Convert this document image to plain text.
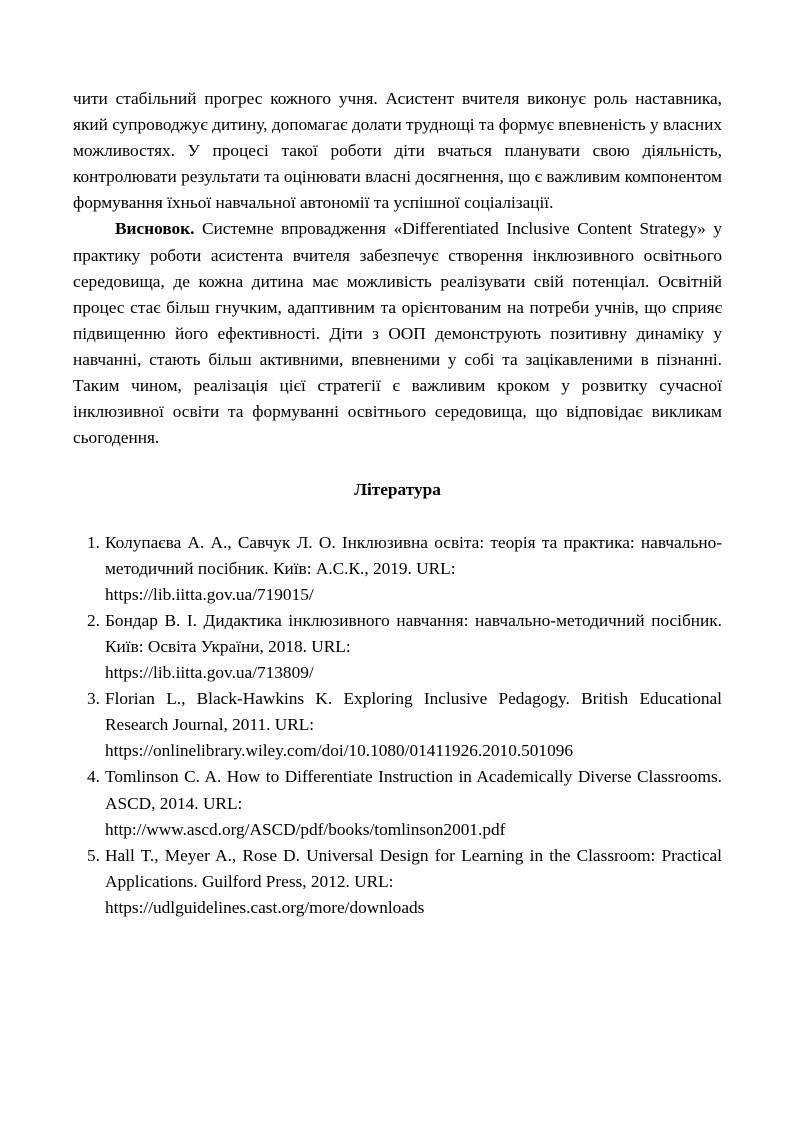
чити стабільний прогрес кожного учня. Асистент вчителя виконує роль наставника, який супроводжує дитину, допомагає долати труднощі та формує впевненість у власних можливостях. У процесі такої роботи діти вчаться планувати свою діяльність, контролювати результати та оцінювати власні досягнення, що є важливим компонентом формування їхньої навчальної автономії та успішної соціалізації.

Висновок. Системне впровадження «Differentiated Inclusive Content Strategy» у практику роботи асистента вчителя забезпечує створення інклюзивного освітнього середовища, де кожна дитина має можливість реалізувати свій потенціал. Освітній процес стає більш гнучким, адаптивним та орієнтованим на потреби учнів, що сприяє підвищенню його ефективності. Діти з ООП демонструють позитивну динаміку у навчанні, стають більш активними, впевненими у собі та зацікавленими в пізнанні. Таким чином, реалізація цієї стратегії є важливим кроком у розвитку сучасної інклюзивної освіти та формуванні освітнього середовища, що відповідає викликам сьогодення.

Література

1. Колупаєва А. А., Савчук Л. О. Інклюзивна освіта: теорія та практика: навчально-методичний посібник. Київ: А.С.К., 2019. URL:
https://lib.iitta.gov.ua/719015/
2. Бондар В. І. Дидактика інклюзивного навчання: навчально-методичний посібник. Київ: Освіта України, 2018. URL:
https://lib.iitta.gov.ua/713809/
3. Florian L., Black-Hawkins K. Exploring Inclusive Pedagogy. British Educational Research Journal, 2011. URL:
https://onlinelibrary.wiley.com/doi/10.1080/01411926.2010.501096
4. Tomlinson C. A. How to Differentiate Instruction in Academically Diverse Classrooms. ASCD, 2014. URL:
http://www.ascd.org/ASCD/pdf/books/tomlinson2001.pdf
5. Hall T., Meyer A., Rose D. Universal Design for Learning in the Classroom: Practical Applications. Guilford Press, 2012. URL:
https://udlguidelines.cast.org/more/downloads
